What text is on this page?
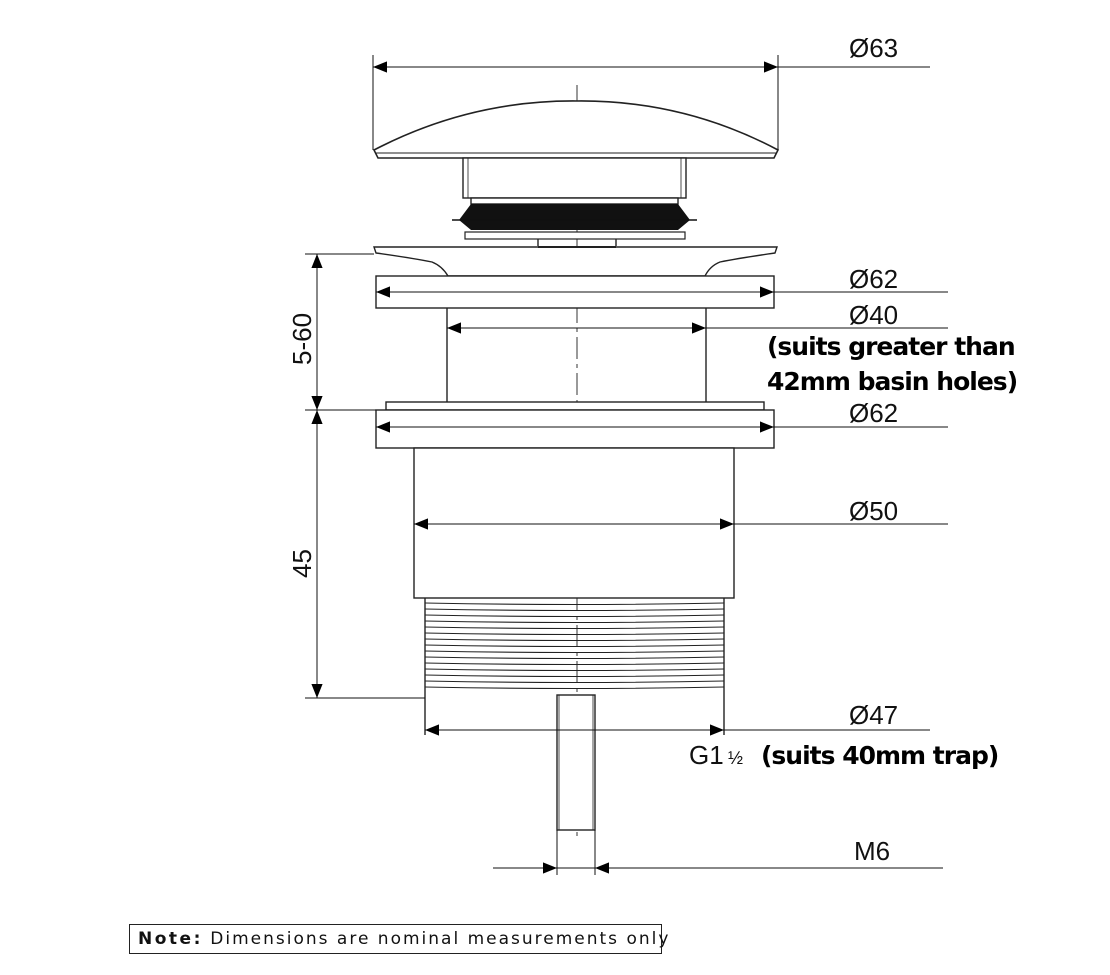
Ø63
Ø62
Ø40
(suits greater than
42mm basin holes)
Ø62
Ø50
Ø47
G1 ½ (suits 40mm trap)
M6
5-60
45
Note: Dimensions are nominal measurements only
